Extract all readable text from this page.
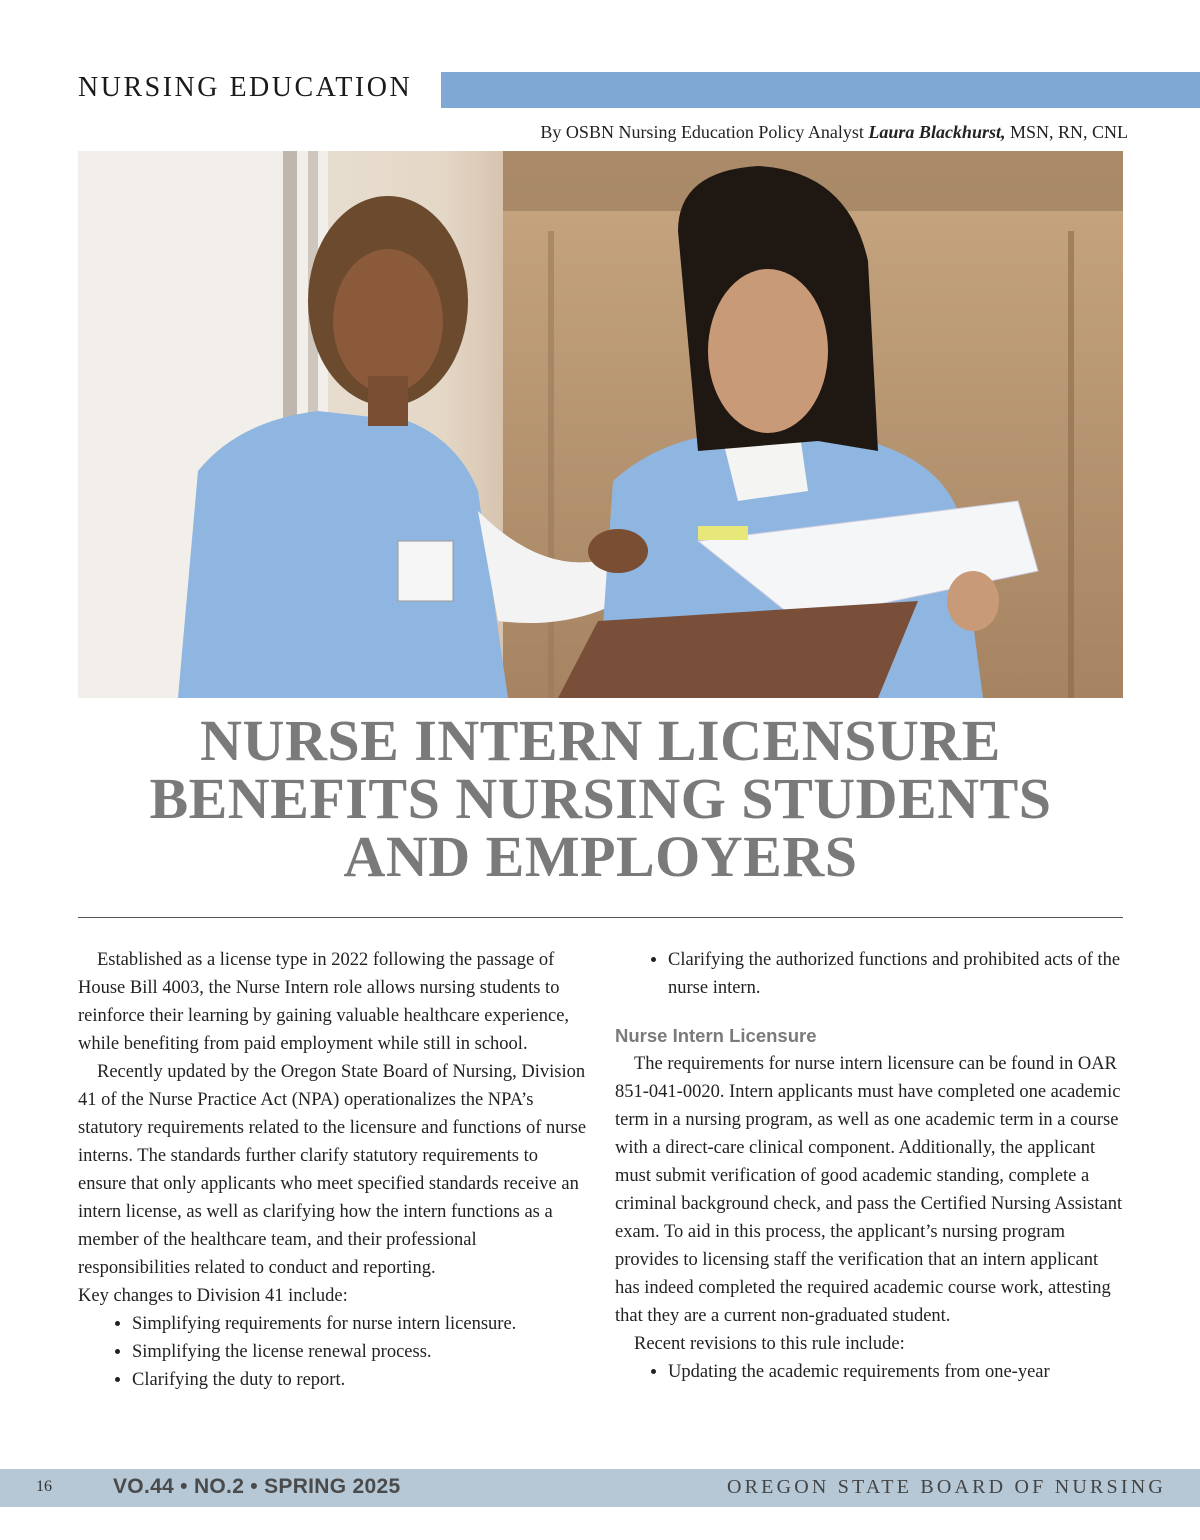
NURSING EDUCATION
By OSBN Nursing Education Policy Analyst Laura Blackhurst, MSN, RN, CNL
NURSE INTERN LICENSURE
BENEFITS NURSING STUDENTS
AND EMPLOYERS

Established as a license type in 2022 following the passage of House Bill 4003, the Nurse Intern role allows nursing students to reinforce their learning by gaining valuable healthcare experience, while benefiting from paid employment while still in school.

Recently updated by the Oregon State Board of Nursing, Division 41 of the Nurse Practice Act (NPA) operationalizes the NPA’s statutory requirements related to the licensure and functions of nurse interns. The standards further clarify statutory requirements to ensure that only applicants who meet specified standards receive an intern license, as well as clarifying how the intern functions as a member of the healthcare team, and their professional responsibilities related to conduct and reporting.

Key changes to Division 41 include:

• Simplifying requirements for nurse intern licensure.
• Simplifying the license renewal process.
• Clarifying the duty to report.
• Clarifying the authorized functions and prohibited acts of the nurse intern.

Nurse Intern Licensure

The requirements for nurse intern licensure can be found in OAR 851-041-0020. Intern applicants must have completed one academic term in a nursing program, as well as one academic term in a course with a direct-care clinical component. Additionally, the applicant must submit verification of good academic standing, complete a criminal background check, and pass the Certified Nursing Assistant exam. To aid in this process, the applicant’s nursing program provides to licensing staff the verification that an intern applicant has indeed completed the required academic course work, attesting that they are a current non-graduated student.

Recent revisions to this rule include:

• Updating the academic requirements from one-year
16	VO.44 • NO.2 • SPRING 2025	OREGON STATE BOARD OF NURSING
